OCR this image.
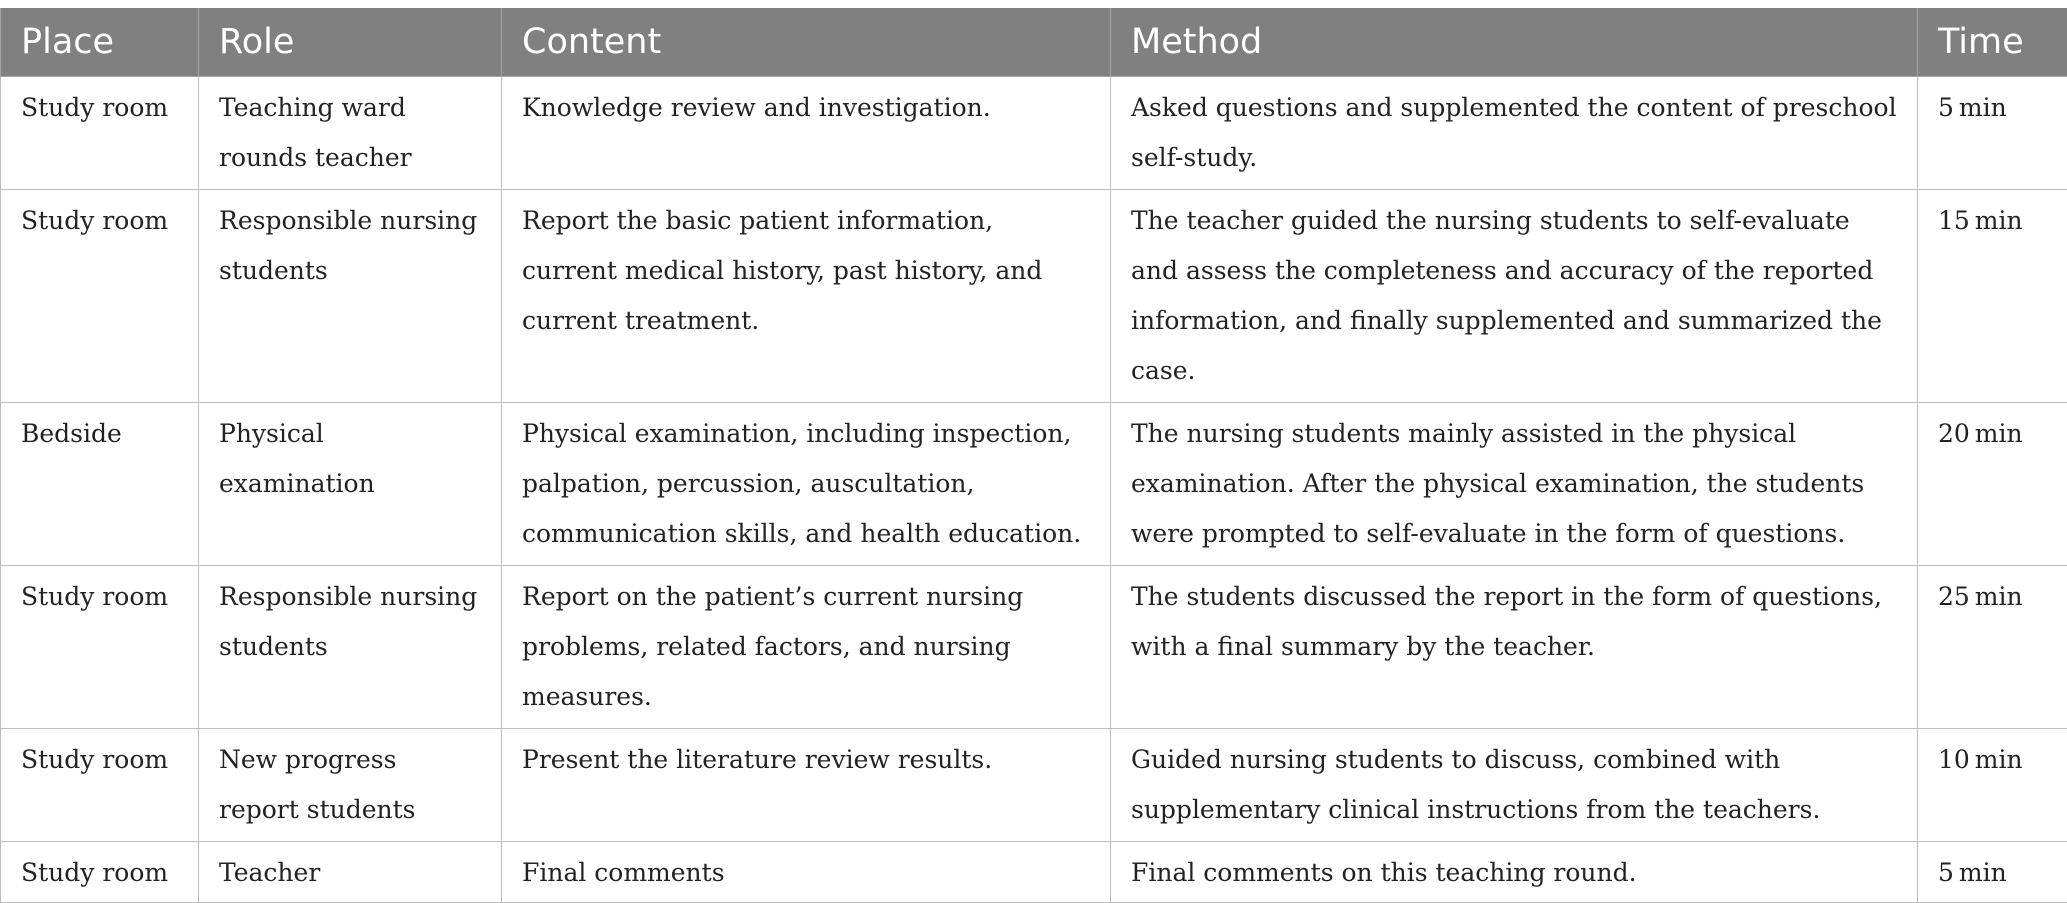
Place	Role	Content	Method	Time
Study room	Teaching ward rounds teacher	Knowledge review and investigation.	Asked questions and supplemented the content of preschool self-study.	5 min
Study room	Responsible nursing students	Report the basic patient information, current medical history, past history, and current treatment.	The teacher guided the nursing students to self-evaluate and assess the completeness and accuracy of the reported information, and finally supplemented and summarized the case.	15 min
Bedside	Physical examination	Physical examination, including inspection, palpation, percussion, auscultation, communication skills, and health education.	The nursing students mainly assisted in the physical examination. After the physical examination, the students were prompted to self-evaluate in the form of questions.	20 min
Study room	Responsible nursing students	Report on the patient’s current nursing problems, related factors, and nursing measures.	The students discussed the report in the form of questions, with a final summary by the teacher.	25 min
Study room	New progress report students	Present the literature review results.	Guided nursing students to discuss, combined with supplementary clinical instructions from the teachers.	10 min
Study room	Teacher	Final comments	Final comments on this teaching round.	5 min
